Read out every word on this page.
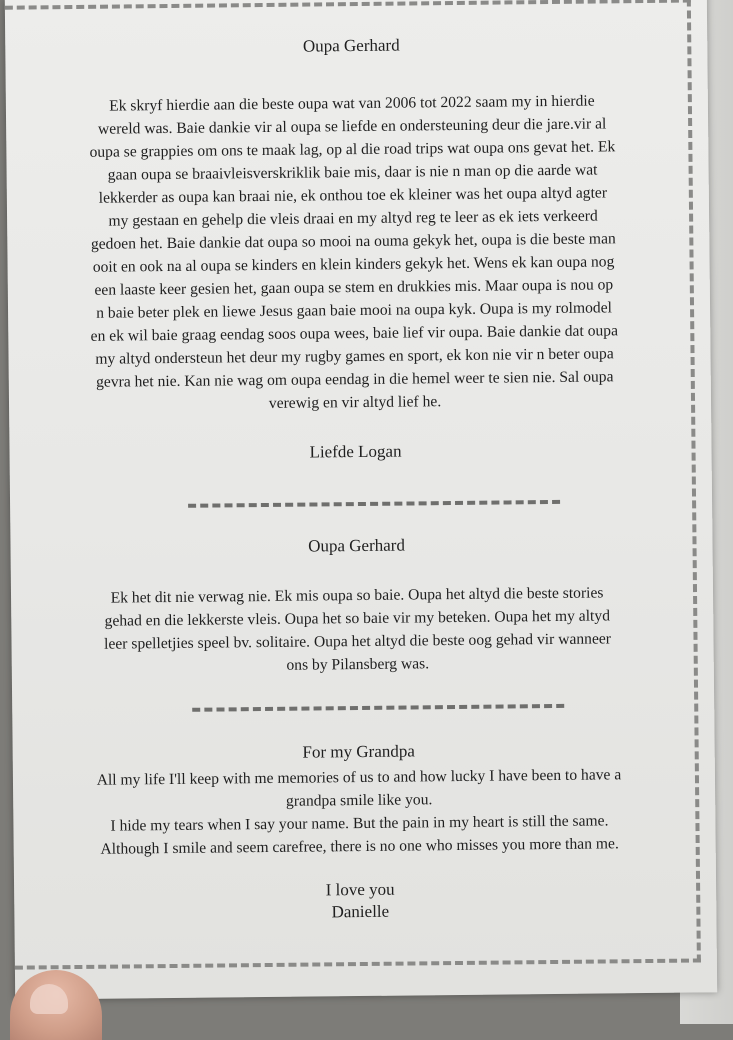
Oupa Gerhard
Ek skryf hierdie aan die beste oupa wat van 2006 tot 2022 saam my in hierdie
wereld was. Baie dankie vir al oupa se liefde en ondersteuning deur die jare.vir al
oupa se grappies om ons te maak lag, op al die road trips wat oupa ons gevat het. Ek
gaan oupa se braaivleisverskriklik baie mis, daar is nie n man op die aarde wat
lekkerder as oupa kan braai nie, ek onthou toe ek kleiner was het oupa altyd agter
my gestaan en gehelp die vleis draai en my altyd reg te leer as ek iets verkeerd
gedoen het. Baie dankie dat oupa so mooi na ouma gekyk het, oupa is die beste man
ooit en ook na al oupa se kinders en klein kinders gekyk het. Wens ek kan oupa nog
een laaste keer gesien het, gaan oupa se stem en drukkies mis. Maar oupa is nou op
n baie beter plek en liewe Jesus gaan baie mooi na oupa kyk. Oupa is my rolmodel
en ek wil baie graag eendag soos oupa wees, baie lief vir oupa. Baie dankie dat oupa
my altyd ondersteun het deur my rugby games en sport, ek kon nie vir n beter oupa
gevra het nie. Kan nie wag om oupa eendag in die hemel weer te sien nie. Sal oupa
verewig en vir altyd lief he.
Liefde Logan
Oupa Gerhard
Ek het dit nie verwag nie. Ek mis oupa so baie. Oupa het altyd die beste stories
gehad en die lekkerste vleis. Oupa het so baie vir my beteken. Oupa het my altyd
leer spelletjies speel bv. solitaire. Oupa het altyd die beste oog gehad vir wanneer
ons by Pilansberg was.
For my Grandpa
All my life I'll keep with me memories of us to and how lucky I have been to have a
grandpa smile like you.
I hide my tears when I say your name. But the pain in my heart is still the same.
Although I smile and seem carefree, there is no one who misses you more than me.
I love you
Danielle
